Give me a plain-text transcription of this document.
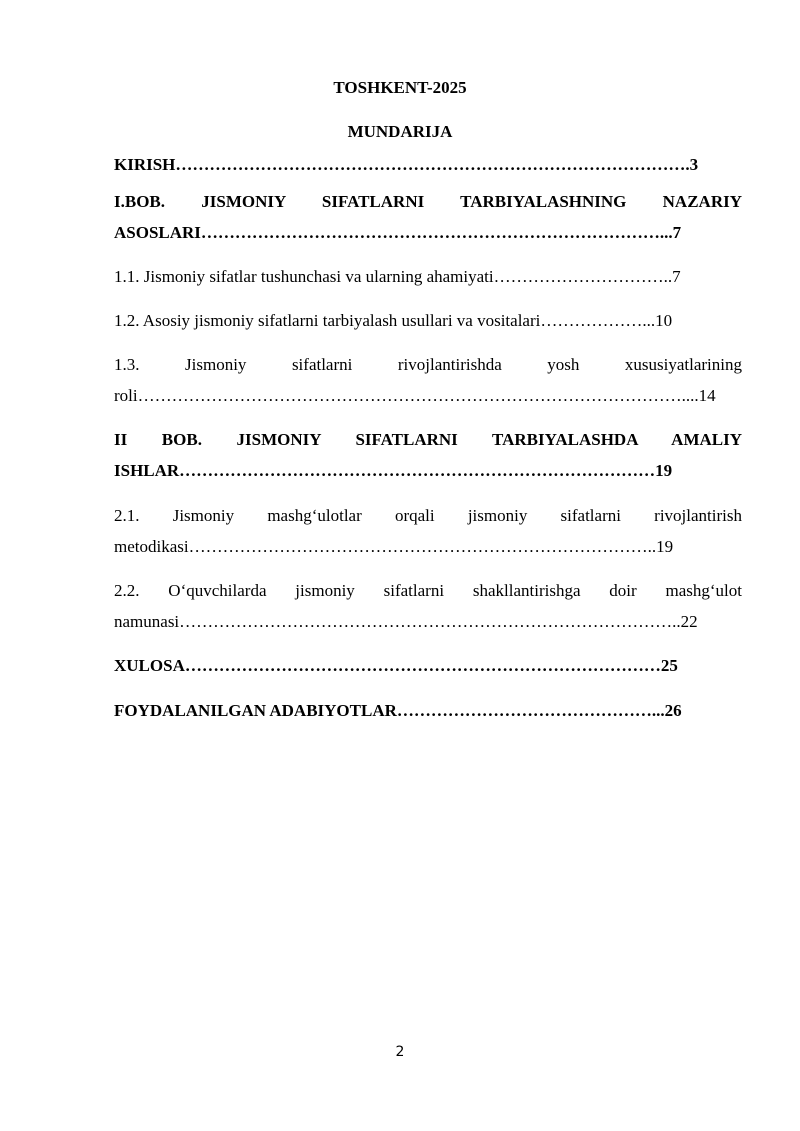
TOSHKENT-2025
MUNDARIJA
KIRISH……………………………………………………………………………….3
I.BOB. JISMONIY SIFATLARNI TARBIYALASHNING NAZARIY
ASOSLARI………………………………………………………………………...7
1.1. Jismoniy sifatlar tushunchasi va ularning ahamiyati…………………………..7
1.2. Asosiy jismoniy sifatlarni tarbiyalash usullari va vositalari………………...10
1.3. Jismoniy sifatlarni rivojlantirishda yosh xususiyatlarining
roli……………………………………………………………………………………....14
II BOB. JISMONIY SIFATLARNI TARBIYALASHDA AMALIY
ISHLAR…………………………………………………………………………19
2.1. Jismoniy mashg‘ulotlar orqali jismoniy sifatlarni rivojlantirish
metodikasi………………………………………………………………………..19
2.2. O‘quvchilarda jismoniy sifatlarni shakllantirishga doir mashg‘ulot
namunasi……………………………………………………………………………..22
XULOSA…………………………………………………………………………25
FOYDALANILGAN ADABIYOTLAR………………………………………...26
2
